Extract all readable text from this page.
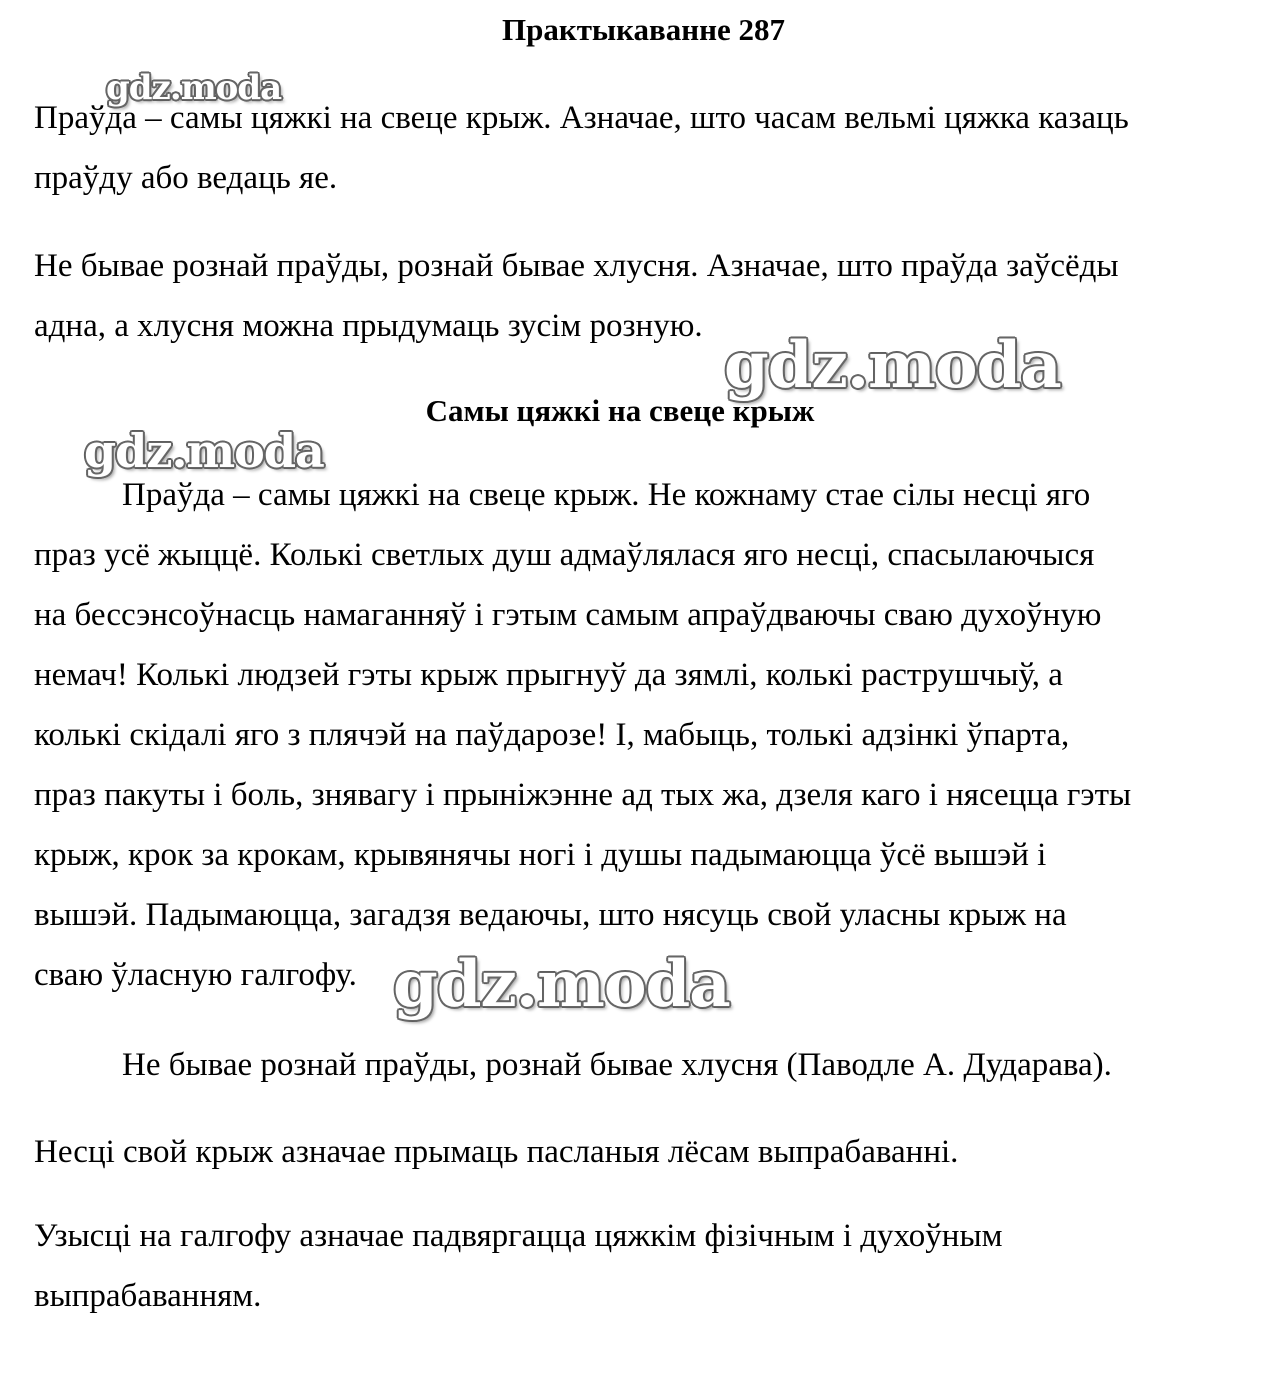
Практыкаванне 287
Праўда – самы цяжкі на свеце крыж. Азначае, што часам вельмі цяжка казаць
праўду або ведаць яе.
Не бывае рознай праўды, рознай бывае хлусня. Азначае, што праўда заўсёды
адна, а хлусня можна прыдумаць зусім розную.
Самы цяжкі на свеце крыж
Праўда – самы цяжкі на свеце крыж. Не кожнаму стае сілы несці яго
праз усё жыццё. Колькі светлых душ адмаўлялася яго несці, спасылаючыся
на бессэнсоўнасць намаганняў і гэтым самым апраўдваючы сваю духоўную
немач! Колькі людзей гэты крыж прыгнуў да зямлі, колькі раструшчыў, а
колькі скідалі яго з плячэй на паўдарозе! І, мабыць, толькі адзінкі ўпарта,
праз пакуты і боль, знявагу і прыніжэнне ад тых жа, дзеля каго і нясецца гэты
крыж, крок за крокам, крывянячы ногі і душы падымаюцца ўсё вышэй і
вышэй. Падымаюцца, загадзя ведаючы, што нясуць свой уласны крыж на
сваю ўласную галгофу.
Не бывае рознай праўды, рознай бывае хлусня (Паводле А. Дударава).
Несці свой крыж азначае прымаць пасланыя лёсам выпрабаванні.
Узысці на галгофу азначае падвяргацца цяжкім фізічным і духоўным
выпрабаванням.
gdz.moda
gdz.moda
gdz.moda
gdz.moda
